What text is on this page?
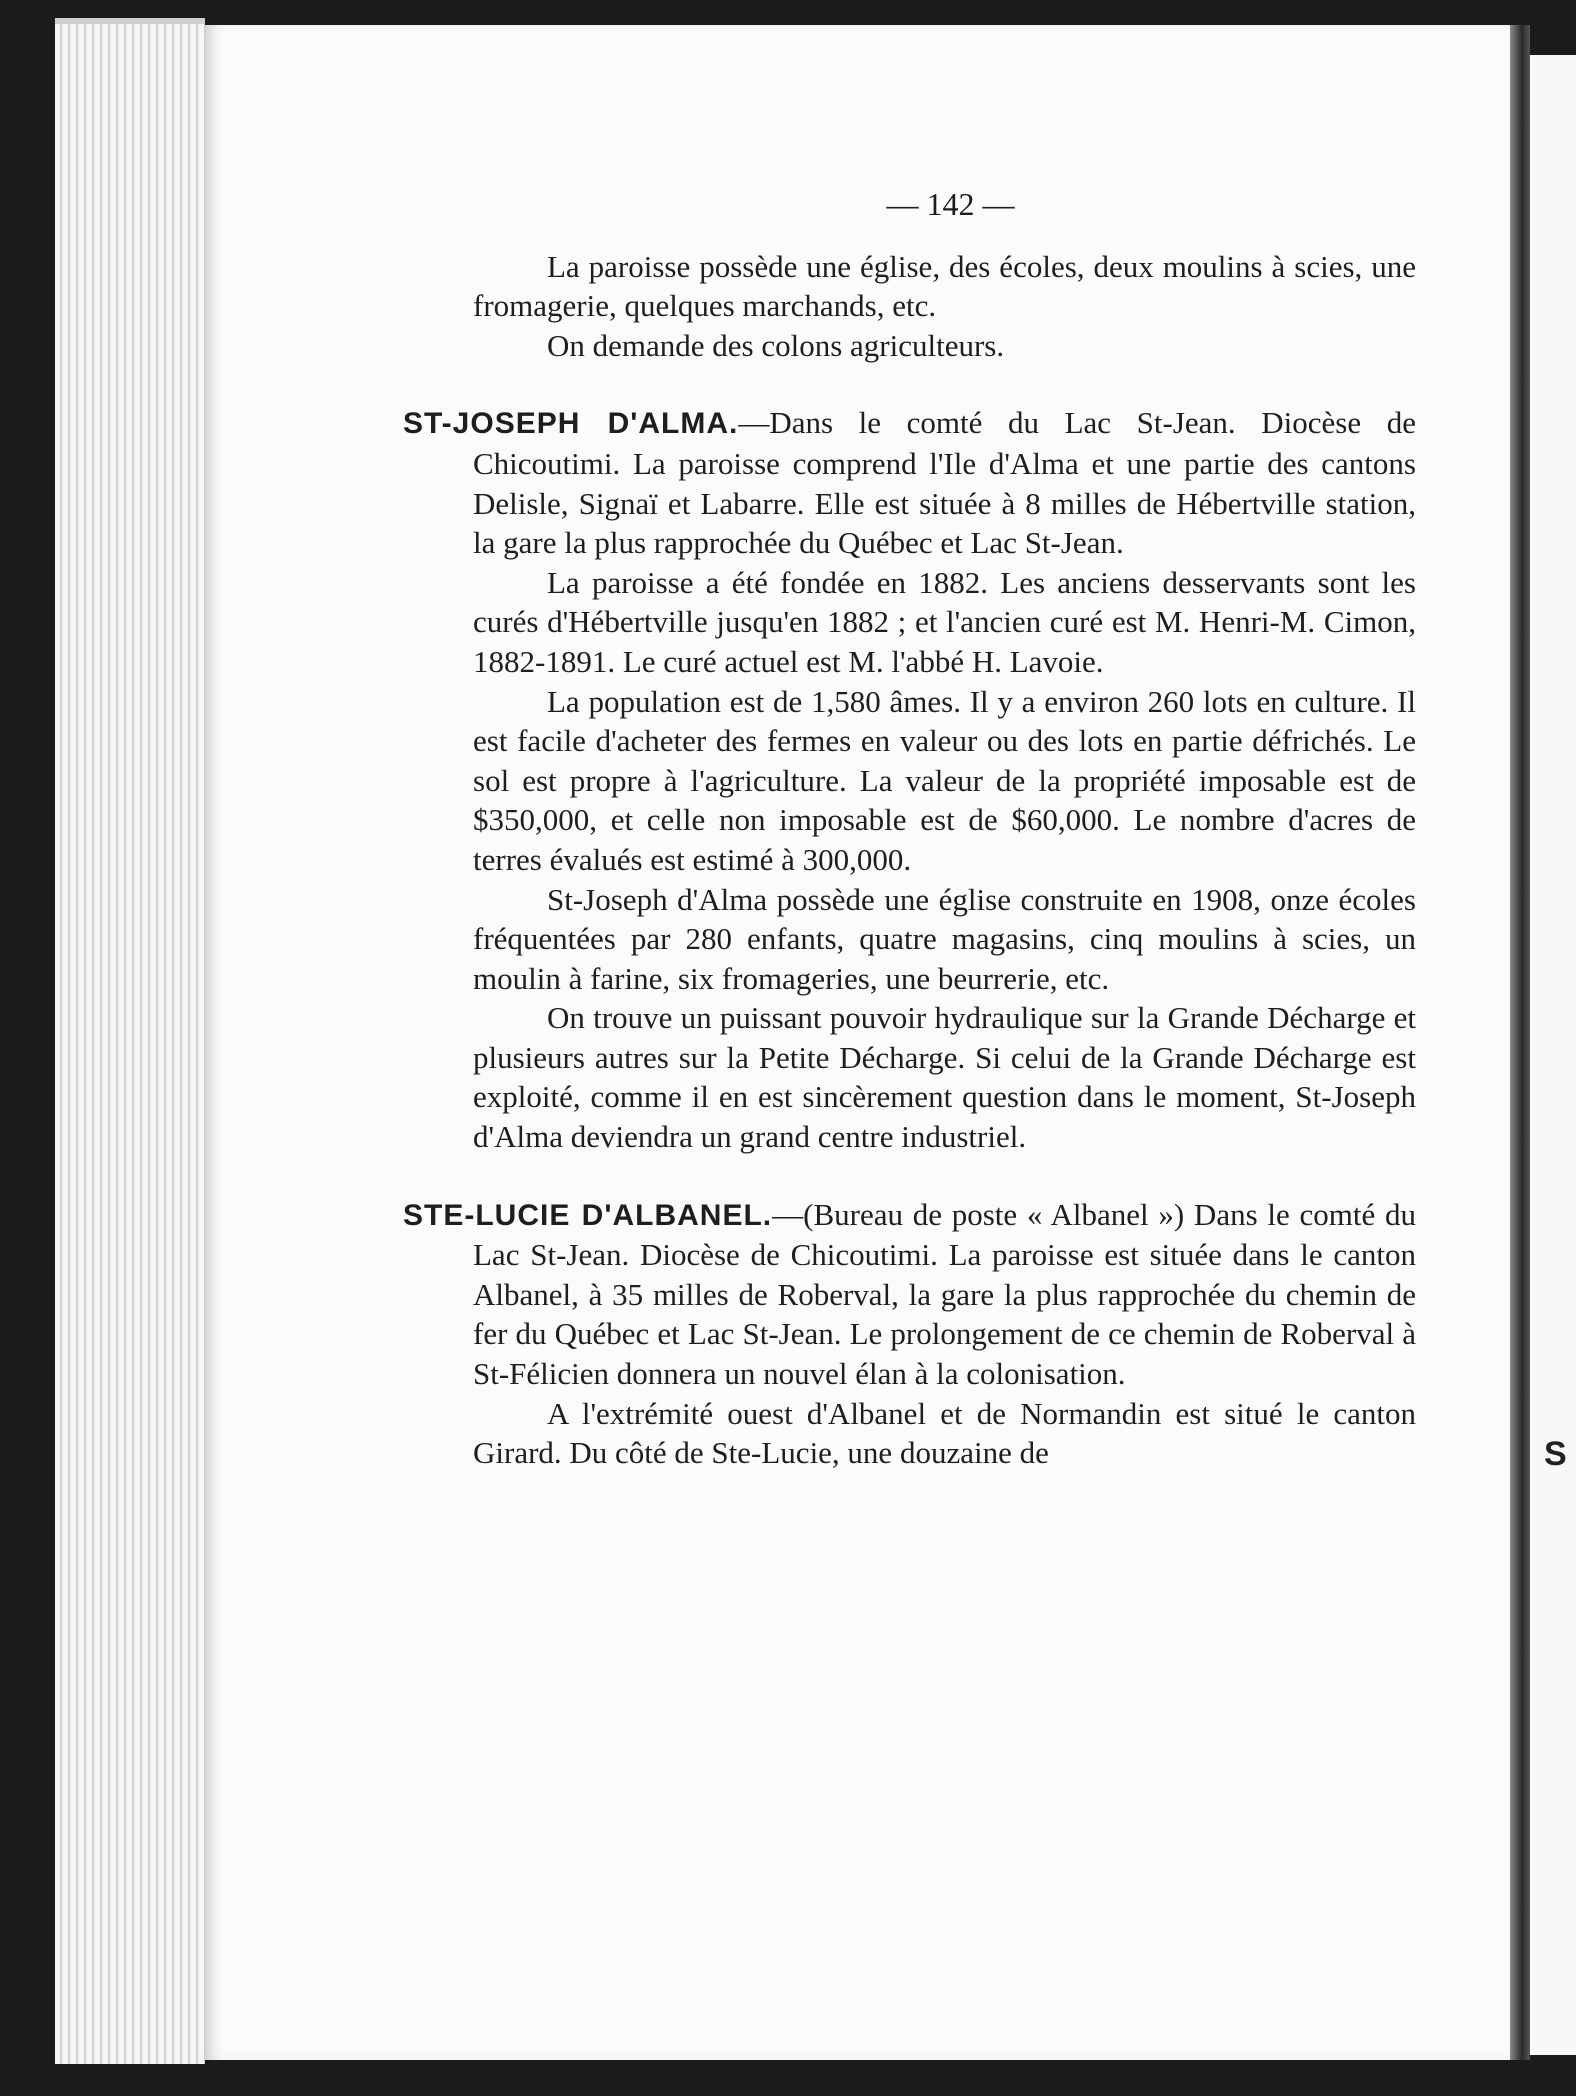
S
— 142 —

La paroisse possède une église, des écoles, deux moulins à scies, une fromagerie, quelques marchands, etc.

On demande des colons agriculteurs.

ST-JOSEPH D'ALMA.—Dans le comté du Lac St-Jean. Diocèse de Chicoutimi. La paroisse comprend l'Ile d'Alma et une partie des cantons Delisle, Signaï et Labarre. Elle est située à 8 milles de Hébertville station, la gare la plus rapprochée du Québec et Lac St-Jean.

La paroisse a été fondée en 1882. Les anciens desservants sont les curés d'Hébertville jusqu'en 1882 ; et l'ancien curé est M. Henri-M. Cimon, 1882-1891. Le curé actuel est M. l'abbé H. Lavoie.

La population est de 1,580 âmes. Il y a environ 260 lots en culture. Il est facile d'acheter des fermes en valeur ou des lots en partie défrichés. Le sol est propre à l'agriculture. La valeur de la propriété imposable est de $350,000, et celle non imposable est de $60,000. Le nombre d'acres de terres évalués est estimé à 300,000.

St-Joseph d'Alma possède une église construite en 1908, onze écoles fréquentées par 280 enfants, quatre magasins, cinq moulins à scies, un moulin à farine, six fromageries, une beurrerie, etc.

On trouve un puissant pouvoir hydraulique sur la Grande Décharge et plusieurs autres sur la Petite Décharge. Si celui de la Grande Décharge est exploité, comme il en est sincèrement question dans le moment, St-Joseph d'Alma deviendra un grand centre industriel.

STE-LUCIE D'ALBANEL.—(Bureau de poste « Albanel ») Dans le comté du Lac St-Jean. Diocèse de Chicoutimi. La paroisse est située dans le canton Albanel, à 35 milles de Roberval, la gare la plus rapprochée du chemin de fer du Québec et Lac St-Jean. Le prolongement de ce chemin de Roberval à St-Félicien donnera un nouvel élan à la colonisation.

A l'extrémité ouest d'Albanel et de Normandin est situé le canton Girard. Du côté de Ste-Lucie, une douzaine de
